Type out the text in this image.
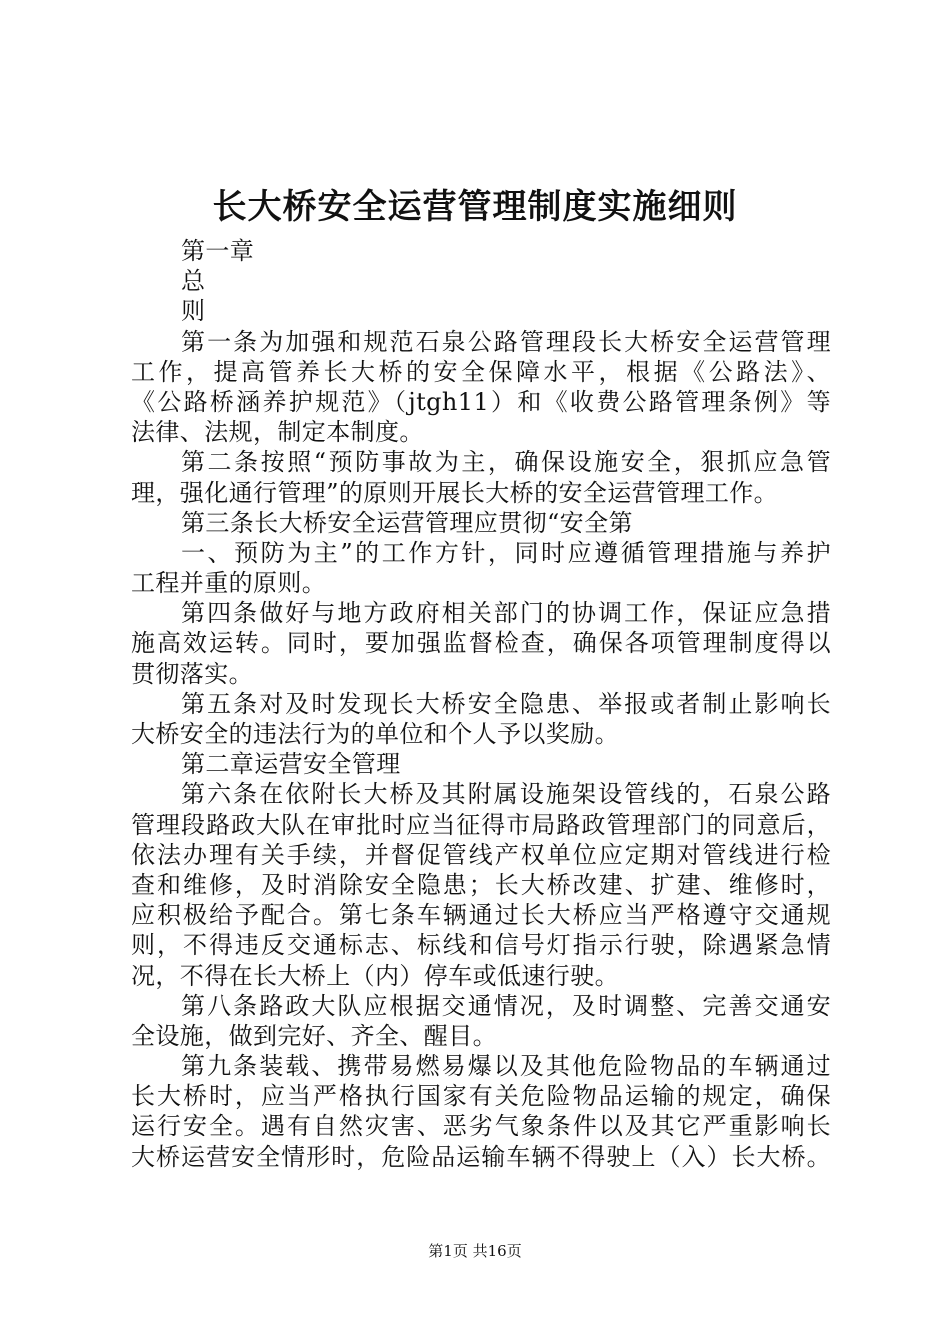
长大桥安全运营管理制度实施细则
第一章
总
则
第一条为加强和规范石泉公路管理段长大桥安全运营管理
工作，提高管养长大桥的安全保障水平，根据《公路法》、
《公路桥涵养护规范》（jtgh11）和《收费公路管理条例》等
法律、法规，制定本制度。
第二条按照“预防事故为主，确保设施安全，狠抓应急管
理，强化通行管理”的原则开展长大桥的安全运营管理工作。
第三条长大桥安全运营管理应贯彻“安全第
一、预防为主”的工作方针，同时应遵循管理措施与养护
工程并重的原则。
第四条做好与地方政府相关部门的协调工作，保证应急措
施高效运转。同时，要加强监督检查，确保各项管理制度得以
贯彻落实。
第五条对及时发现长大桥安全隐患、举报或者制止影响长
大桥安全的违法行为的单位和个人予以奖励。
第二章运营安全管理
第六条在依附长大桥及其附属设施架设管线的，石泉公路
管理段路政大队在审批时应当征得市局路政管理部门的同意后，
依法办理有关手续，并督促管线产权单位应定期对管线进行检
查和维修，及时消除安全隐患；长大桥改建、扩建、维修时，
应积极给予配合。第七条车辆通过长大桥应当严格遵守交通规
则，不得违反交通标志、标线和信号灯指示行驶，除遇紧急情
况，不得在长大桥上（内）停车或低速行驶。
第八条路政大队应根据交通情况，及时调整、完善交通安
全设施，做到完好、齐全、醒目。
第九条装载、携带易燃易爆以及其他危险物品的车辆通过
长大桥时，应当严格执行国家有关危险物品运输的规定，确保
运行安全。遇有自然灾害、恶劣气象条件以及其它严重影响长
大桥运营安全情形时，危险品运输车辆不得驶上（入）长大桥。
第1页 共16页
